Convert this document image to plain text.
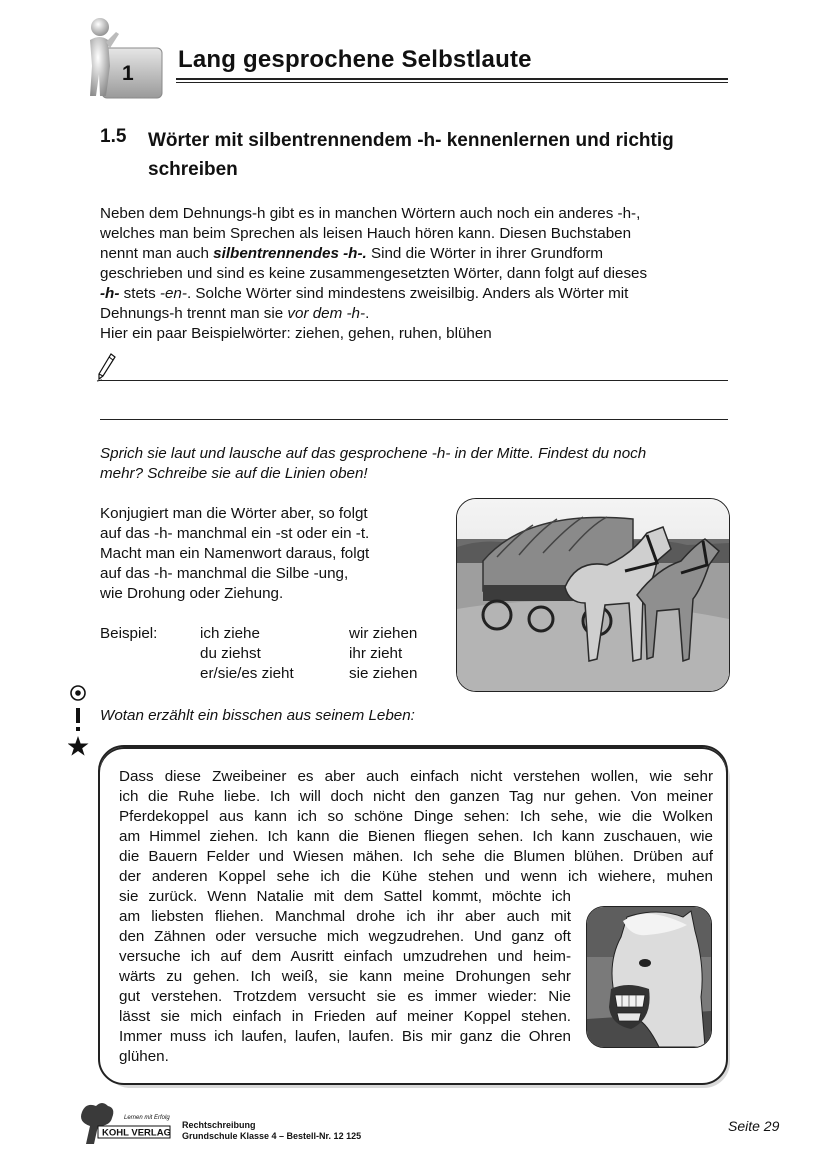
1
Lang gesprochene Selbstlaute
1.5 Wörter mit silbentrennendem -h- kennenlernen und richtig schreiben
Neben dem Dehnungs-h gibt es in manchen Wörtern auch noch ein anderes -h-,
welches man beim Sprechen als leisen Hauch hören kann. Diesen Buchstaben
nennt man auch silbentrennendes -h-. Sind die Wörter in ihrer Grundform
geschrieben und sind es keine zusammengesetzten Wörter, dann folgt auf dieses
-h- stets -en-. Solche Wörter sind mindestens zweisilbig. Anders als Wörter mit
Dehnungs-h trennt man sie vor dem -h-.
Hier ein paar Beispielwörter: ziehen, gehen, ruhen, blühen
Sprich sie laut und lausche auf das gesprochene -h- in der Mitte. Findest du noch
mehr? Schreibe sie auf die Linien oben!
Konjugiert man die Wörter aber, so folgt
auf das -h- manchmal ein -st oder ein -t.
Macht man ein Namenwort daraus, folgt
auf das -h- manchmal die Silbe -ung,
wie Drohung oder Ziehung.
Beispiel:	ich ziehe
du ziehst
er/sie/es zieht
wir ziehen
ihr zieht
sie ziehen
Wotan erzählt ein bisschen aus seinem Leben:
Dass diese Zweibeiner es aber auch einfach nicht verstehen wollen, wie sehr
ich die Ruhe liebe. Ich will doch nicht den ganzen Tag nur gehen. Von meiner
Pferdekoppel aus kann ich so schöne Dinge sehen: Ich sehe, wie die Wolken
am Himmel ziehen. Ich kann die Bienen fliegen sehen. Ich kann zuschauen, wie
die Bauern Felder und Wiesen mähen. Ich sehe die Blumen blühen. Drüben auf
der anderen Koppel sehe ich die Kühe stehen und wenn ich wiehere, muhen
sie zurück. Wenn Natalie mit dem Sattel kommt, möchte ich
am liebsten fliehen. Manchmal drohe ich ihr aber auch mit
den Zähnen oder versuche mich wegzudrehen. Und ganz oft
versuche ich auf dem Ausritt einfach umzudrehen und heim-
wärts zu gehen. Ich weiß, sie kann meine Drohungen sehr
gut verstehen. Trotzdem versucht sie es immer wieder: Nie
lässt sie mich einfach in Frieden auf meiner Koppel stehen.
Immer muss ich laufen, laufen, laufen. Bis mir ganz die Ohren
glühen.
Lernen mit Erfolg
KOHL VERLAG
Rechtschreibung
Grundschule Klasse 4 – Bestell-Nr. 12 125
Seite 29
